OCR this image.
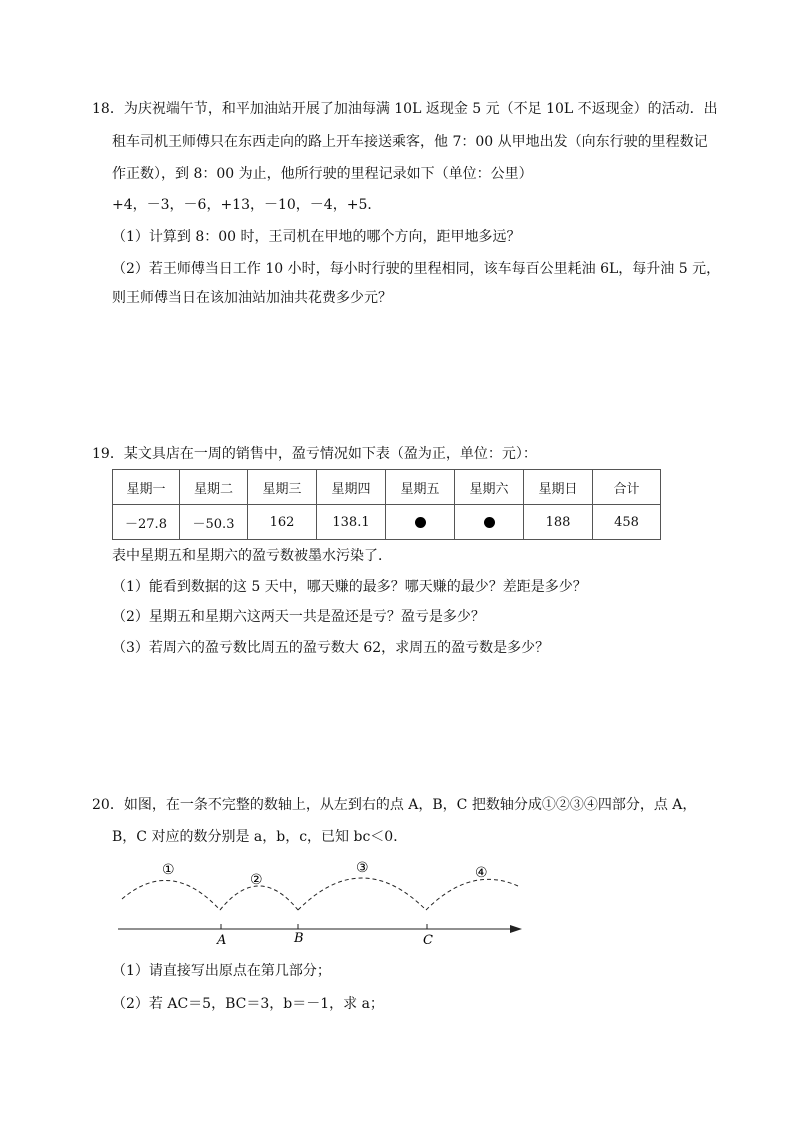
18．为庆祝端午节，和平加油站开展了加油每满 10L 返现金 5 元（不足 10L 不返现金）的活动．出
租车司机王师傅只在东西走向的路上开车接送乘客，他 7：00 从甲地出发（向东行驶的里程数记
作正数），到 8：00 为止，他所行驶的里程记录如下（单位：公里）
+4，－3，－6，+13，－10，－4，+5．
（1）计算到 8：00 时，王司机在甲地的哪个方向，距甲地多远？
（2）若王师傅当日工作 10 小时，每小时行驶的里程相同，该车每百公里耗油 6L，每升油 5 元，
则王师傅当日在该加油站加油共花费多少元？
19．某文具店在一周的销售中，盈亏情况如下表（盈为正，单位：元）：
星期一	星期二	星期三	星期四	星期五	星期六	星期日	合计
－27.8	－50.3	162	138.1			188	458
表中星期五和星期六的盈亏数被墨水污染了．
（1）能看到数据的这 5 天中，哪天赚的最多？哪天赚的最少？差距是多少？
（2）星期五和星期六这两天一共是盈还是亏？盈亏是多少？
（3）若周六的盈亏数比周五的盈亏数大 62，求周五的盈亏数是多少？
20．如图，在一条不完整的数轴上，从左到右的点 A，B，C 把数轴分成①②③④四部分，点 A，
B，C 对应的数分别是 a，b，c，已知 bc＜0．
①
②
③	④
A	B	C
（1）请直接写出原点在第几部分；
（2）若 AC＝5，BC＝3，b＝－1，求 a；
